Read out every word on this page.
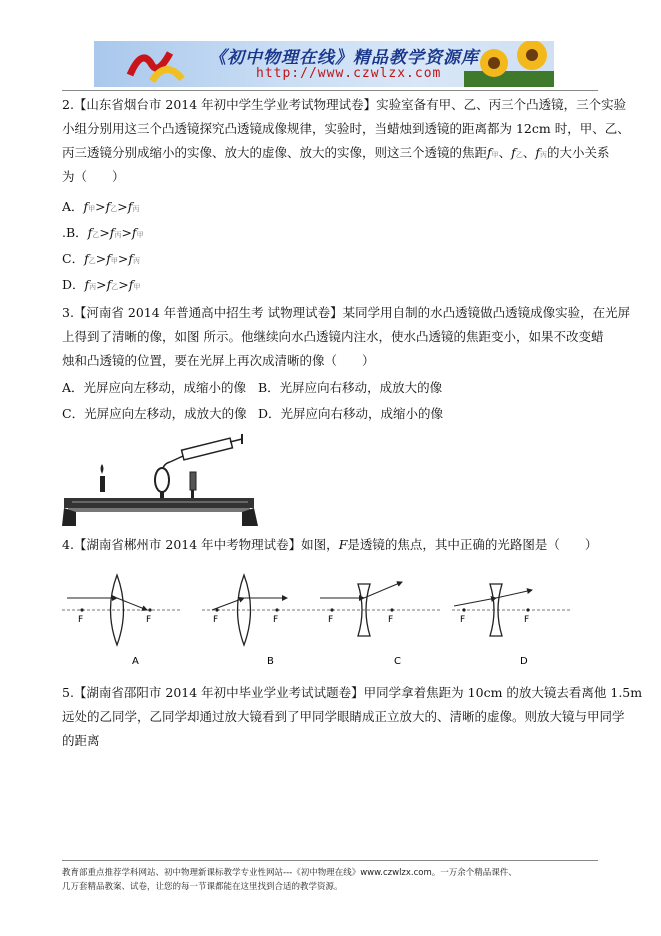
《初中物理在线》精品教学资源库
http://www.czwlzx.com
2.【山东省烟台市 2014 年初中学生学业考试物理试卷】实验室备有甲、乙、丙三个凸透镜，三个实验
小组分别用这三个凸透镜探究凸透镜成像规律，实验时，当蜡烛到透镜的距离都为 12cm 时，甲、乙、
丙三透镜分别成缩小的实像、放大的虚像、放大的实像，则这三个透镜的焦距f甲、f乙、f丙的大小关系
为（　　）
A．f甲>f乙>f丙
.B．f乙>f丙>f甲
C．f乙>f甲>f丙
D．f丙>f乙>f甲
3.【河南省 2014 年普通高中招生考 试物理试卷】某同学用自制的水凸透镜做凸透镜成像实验，在光屏
上得到了清晰的像，如图 所示。他继续向水凸透镜内注水，使水凸透镜的焦距变小，如果不改变蜡
烛和凸透镜的位置，要在光屏上再次成清晰的像（　　）
A．光屏应向左移动，成缩小的像 B．光屏应向右移动，成放大的像
C．光屏应向左移动，成放大的像 D．光屏应向右移动，成缩小的像
4.【湖南省郴州市 2014 年中考物理试卷】如图，F是透镜的焦点，其中正确的光路图是（　　）
F	F
A
F	F
B
F	F
C
F	F
D
5.【湖南省邵阳市 2014 年初中毕业学业考试试题卷】甲同学拿着焦距为 10cm 的放大镜去看离他 1.5m
远处的乙同学，乙同学却通过放大镜看到了甲同学眼睛成正立放大的、清晰的虚像。则放大镜与甲同学
的距离
教育部重点推荐学科网站、初中物理新课标教学专业性网站---《初中物理在线》www.czwlzx.com。一万余个精品课件、
几万套精品教案、试卷，让您的每一节课都能在这里找到合适的教学资源。
